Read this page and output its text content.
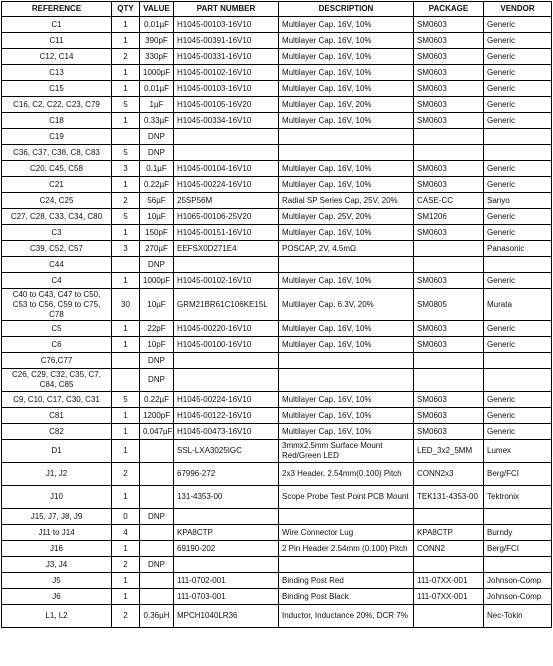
REFERENCE	QTY	VALUE	PART NUMBER	DESCRIPTION	PACKAGE	VENDOR
C1	1	0.01µF	H1045-00103-16V10	Multilayer Cap, 16V, 10%	SM0603	Generic
C11	1	390pF	H1045-00391-16V10	Multilayer Cap, 16V, 10%	SM0603	Generic
C12, C14	2	330pF	H1045-00331-16V10	Multilayer Cap, 16V, 10%	SM0603	Generic
C13	1	1000pF	H1045-00102-16V10	Multilayer Cap, 16V, 10%	SM0603	Generic
C15	1	0.01µF	H1045-00103-16V10	Multilayer Cap, 16V, 10%	SM0603	Generic
C16, C2, C22, C23, C79	5	1µF	H1045-00105-16V20	Multilayer Cap, 16V, 20%	SM0603	Generic
C18	1	0.33µF	H1045-00334-16V10	Multilayer Cap, 16V, 10%	SM0603	Generic
C19		DNP				
C36, C37, C38, C8, C83	5	DNP				
C20, C45, C58	3	0.1µF	H1045-00104-16V10	Multilayer Cap, 16V, 10%	SM0603	Generic
C21	1	0.22µF	H1045-00224-16V10	Multilayer Cap, 16V, 10%	SM0603	Generic
C24, C25	2	56µF	25SP56M	Radial SP Series Cap, 25V, 20%	CASE-CC	Sanyo
C27, C28, C33, C34, C80	5	10µF	H1065-00106-25V20	Multilayer Cap, 25V, 20%	SM1206	Generic
C3	1	150pF	H1045-00151-16V10	Multilayer Cap, 16V, 10%	SM0603	Generic
C39, C52, C57	3	270µF	EEFSX0D271E4	POSCAP, 2V, 4.5mΩ		Panasonic
C44		DNP				
C4	1	1000pF	H1045-00102-16V10	Multilayer Cap, 16V, 10%	SM0603	Generic
C40 to C43, C47 to C50, C53 to C56, C59 to C75, C78	30	10µF	GRM21BR61C106KE15L	Multilayer Cap, 6.3V, 20%	SM0805	Murata
C5	1	22pF	H1045-00220-16V10	Multilayer Cap, 16V, 10%	SM0603	Generic
C6	1	10pF	H1045-00100-16V10	Multilayer Cap, 16V, 10%	SM0603	Generic
C76,C77		DNP				
C26, C29, C32, C35, C7, C84, C85		DNP				
C9, C10, C17, C30, C31	5	0.22µF	H1045-00224-16V10	Multilayer Cap, 16V, 10%	SM0603	Generic
C81	1	1200pF	H1045-00122-16V10	Multilayer Cap, 16V, 10%	SM0603	Generic
C82	1	0.047µF	H1045-00473-16V10	Multilayer Cap, 16V, 10%	SM0603	Generic
D1	1		SSL-LXA3025IGC	3mmx2.5mm Surface Mount Red/Green LED	LED_3x2_5MM	Lumex
J1, J2	2		67996-272	2x3 Header, 2.54mm(0.100) Pitch	CONN2x3	Berg/FCI
J10	1		131-4353-00	Scope Probe Test Point PCB Mount	TEK131-4353-00	Tektronix
J15, J7, J8, J9	0	DNP				
J11 to J14	4		KPA8CTP	Wire Connector Lug	KPA8CTP	Burndy
J16	1		69190-202	2 Pin Header 2.54mm (0.100) Pitch	CONN2	Berg/FCI
J3, J4	2	DNP				
J5	1		111-0702-001	Binding Post Red	111-07XX-001	Johnson-Comp
J6	1		111-0703-001	Binding Post Black	111-07XX-001	Johnson-Comp
L1, L2	2	0.36µH	MPCH1040LR36	Inductor, Inductance 20%, DCR 7%		Nec-Tokin
